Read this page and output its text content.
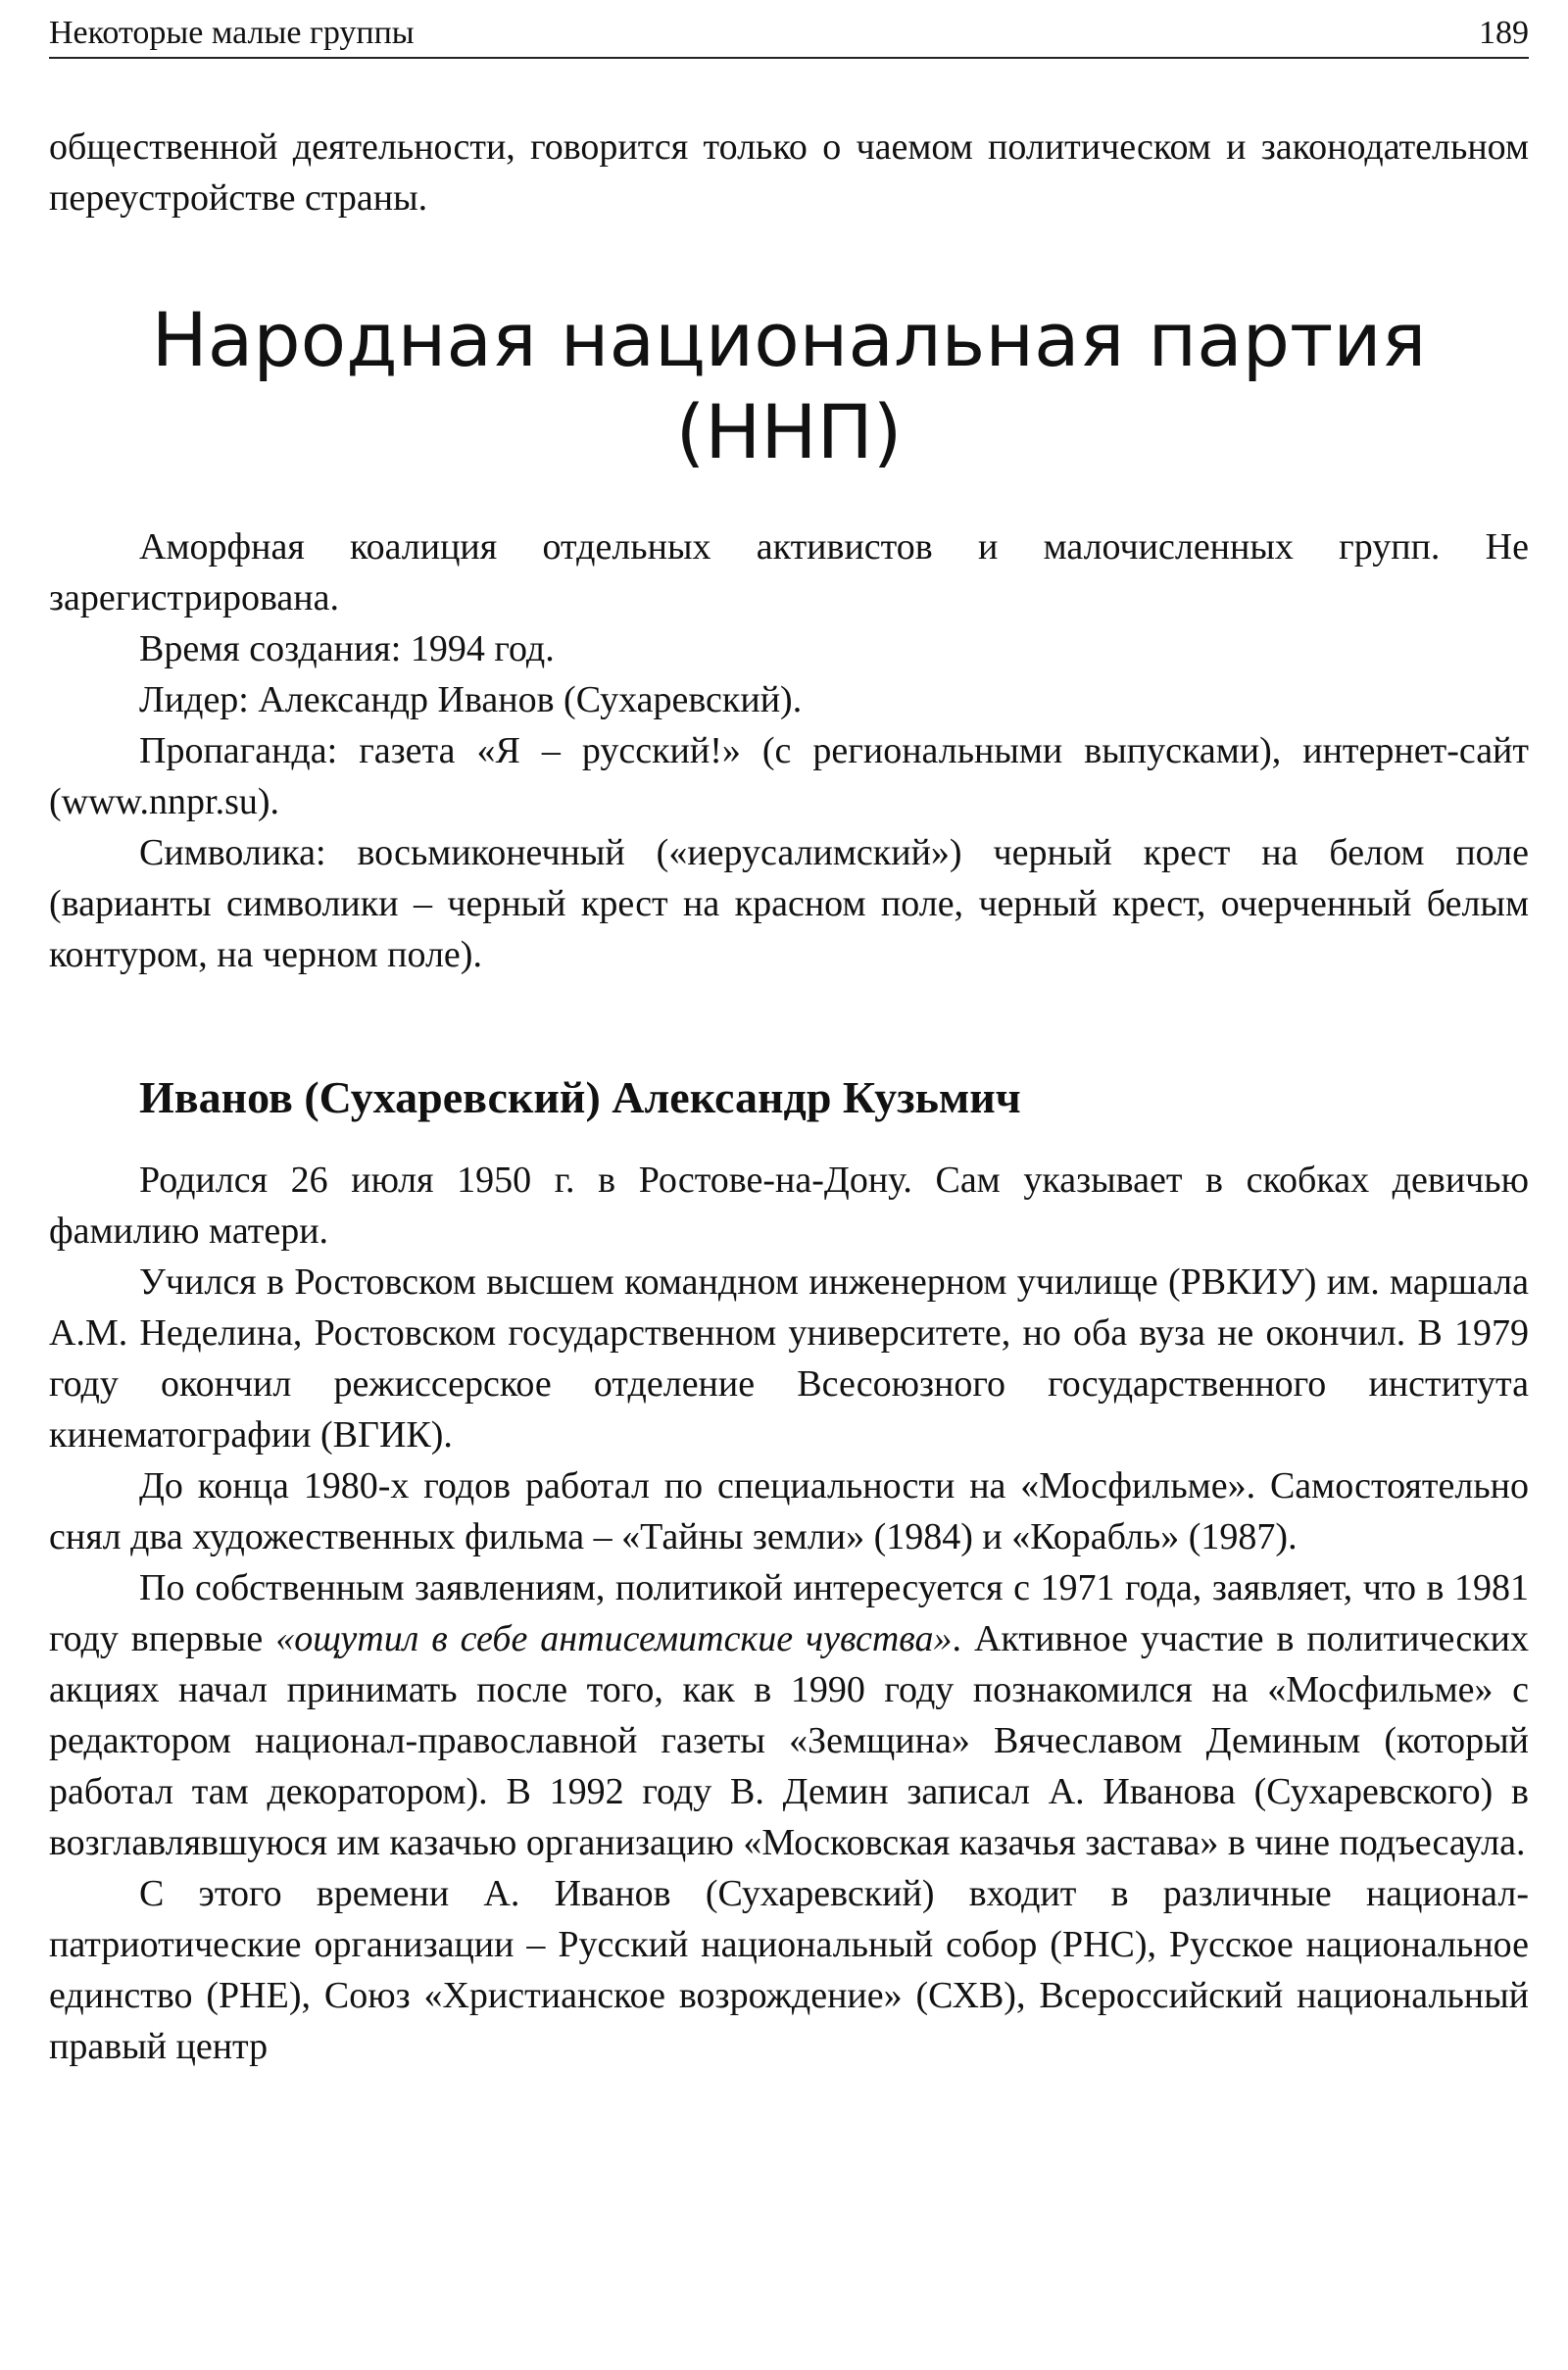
Некоторые малые группы	189

общественной деятельности, говорится только о чаемом политическом и законодательном переустройстве страны.

Народная национальная партия
(ННП)

Аморфная коалиция отдельных активистов и малочисленных групп. Не зарегистрирована.

Время создания: 1994 год.

Лидер: Александр Иванов (Сухаревский).

Пропаганда: газета «Я – русский!» (с региональными выпусками), интернет-сайт (www.nnpr.su).

Символика: восьмиконечный («иерусалимский») черный крест на белом поле (варианты символики – черный крест на красном поле, черный крест, очерченный белым контуром, на черном поле).

Иванов (Сухаревский) Александр Кузьмич

Родился 26 июля 1950 г. в Ростове-на-Дону. Сам указывает в скобках девичью фамилию матери.

Учился в Ростовском высшем командном инженерном училище (РВКИУ) им. маршала А.М. Неделина, Ростовском государственном университете, но оба вуза не окончил. В 1979 году окончил режиссерское отделение Всесоюзного государственного института кинематографии (ВГИК).

До конца 1980-х годов работал по специальности на «Мосфильме». Самостоятельно снял два художественных фильма – «Тайны земли» (1984) и «Корабль» (1987).

По собственным заявлениям, политикой интересуется с 1971 года, заявляет, что в 1981 году впервые «ощутил в себе антисемитские чувства». Активное участие в политических акциях начал принимать после того, как в 1990 году познакомился на «Мосфильме» с редактором национал-православной газеты «Земщина» Вячеславом Деминым (который работал там декоратором). В 1992 году В. Демин записал А. Иванова (Сухаревского) в возглавлявшуюся им казачью организацию «Московская казачья застава» в чине подъесаула.

С этого времени А. Иванов (Сухаревский) входит в различные национал-патриотические организации – Русский национальный собор (РНС), Русское национальное единство (РНЕ), Союз «Христианское возрождение» (СХВ), Всероссийский национальный правый центр
